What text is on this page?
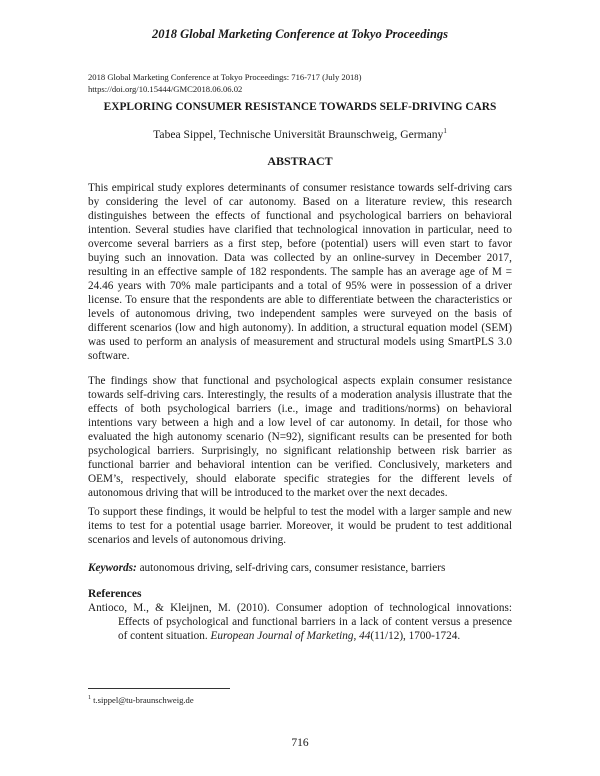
2018 Global Marketing Conference at Tokyo Proceedings
2018 Global Marketing Conference at Tokyo Proceedings: 716-717 (July 2018)
https://doi.org/10.15444/GMC2018.06.06.02
EXPLORING CONSUMER RESISTANCE TOWARDS SELF-DRIVING CARS
Tabea Sippel, Technische Universität Braunschweig, Germany$^1$
ABSTRACT
This empirical study explores determinants of consumer resistance towards self-driving cars by considering the level of car autonomy. Based on a literature review, this research distinguishes between the effects of functional and psychological barriers on behavioral intention. Several studies have clarified that technological innovation in particular, need to overcome several barriers as a first step, before (potential) users will even start to favor buying such an innovation. Data was collected by an online-survey in December 2017, resulting in an effective sample of 182 respondents. The sample has an average age of M = 24.46 years with 70% male participants and a total of 95% were in possession of a driver license. To ensure that the respondents are able to differentiate between the characteristics or levels of autonomous driving, two independent samples were surveyed on the basis of different scenarios (low and high autonomy). In addition, a structural equation model (SEM) was used to perform an analysis of measurement and structural models using SmartPLS 3.0 software.
The findings show that functional and psychological aspects explain consumer resistance towards self-driving cars. Interestingly, the results of a moderation analysis illustrate that the effects of both psychological barriers (i.e., image and traditions/norms) on behavioral intentions vary between a high and a low level of car autonomy. In detail, for those who evaluated the high autonomy scenario (N=92), significant results can be presented for both psychological barriers. Surprisingly, no significant relationship between risk barrier as functional barrier and behavioral intention can be verified. Conclusively, marketers and OEM’s, respectively, should elaborate specific strategies for the different levels of autonomous driving that will be introduced to the market over the next decades.
To support these findings, it would be helpful to test the model with a larger sample and new items to test for a potential usage barrier. Moreover, it would be prudent to test additional scenarios and levels of autonomous driving.
Keywords: autonomous driving, self-driving cars, consumer resistance, barriers
References
Antioco, M., & Kleijnen, M. (2010). Consumer adoption of technological innovations: Effects of psychological and functional barriers in a lack of content versus a presence of content situation. European Journal of Marketing, 44(11/12), 1700-1724.
$^1$ t.sippel@tu-braunschweig.de
716
